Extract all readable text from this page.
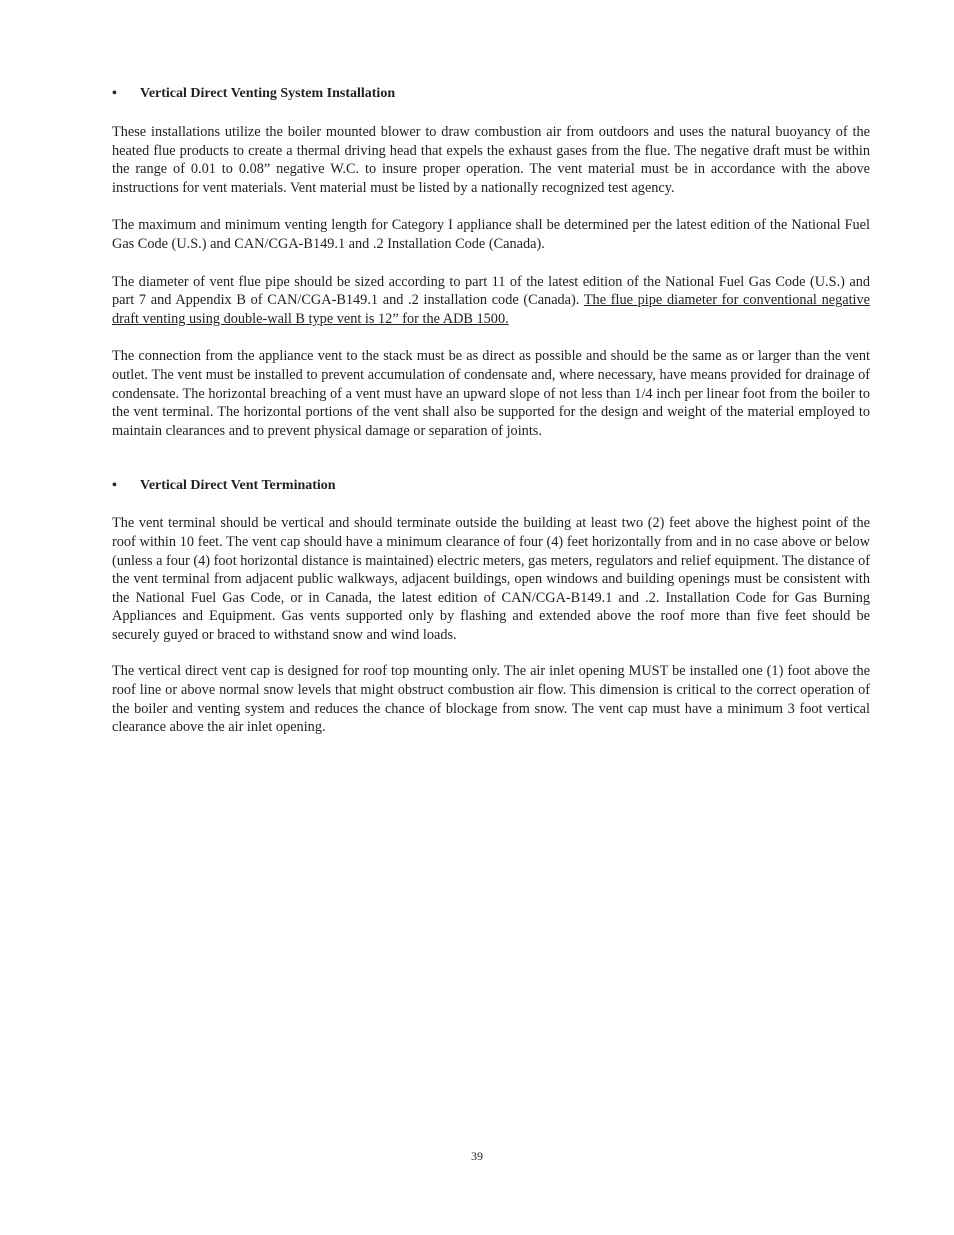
•	Vertical Direct Venting System Installation

These installations utilize the boiler mounted blower to draw combustion air from outdoors and uses the natural buoyancy of the heated flue products to create a thermal driving head that expels the exhaust gases from the flue. The negative draft must be within the range of 0.01 to 0.08” negative W.C. to insure proper operation. The vent material must be in accordance with the above instructions for vent materials. Vent material must be listed by a nationally recognized test agency.

The maximum and minimum venting length for Category I appliance shall be determined per the latest edition of the National Fuel Gas Code (U.S.) and CAN/CGA-B149.1 and .2 Installation Code (Canada).

The diameter of vent flue pipe should be sized according to part 11 of the latest edition of the National Fuel Gas Code (U.S.) and part 7 and Appendix B of CAN/CGA-B149.1 and .2 installation code (Canada). The flue pipe diameter for conventional negative draft venting using double-wall B type vent is 12” for the ADB 1500.

The connection from the appliance vent to the stack must be as direct as possible and should be the same as or larger than the vent outlet. The vent must be installed to prevent accumulation of condensate and, where necessary, have means provided for drainage of condensate. The horizontal breaching of a vent must have an upward slope of not less than 1/4 inch per linear foot from the boiler to the vent terminal. The horizontal portions of the vent shall also be supported for the design and weight of the material employed to maintain clearances and to prevent physical damage or separation of joints.

•	Vertical Direct Vent Termination

The vent terminal should be vertical and should terminate outside the building at least two (2) feet above the highest point of the roof within 10 feet. The vent cap should have a minimum clearance of four (4) feet horizontally from and in no case above or below (unless a four (4) foot horizontal distance is maintained) electric meters, gas meters, regulators and relief equipment. The distance of the vent terminal from adjacent public walkways, adjacent buildings, open windows and building openings must be consistent with the National Fuel Gas Code, or in Canada, the latest edition of CAN/CGA-B149.1 and .2. Installation Code for Gas Burning Appliances and Equipment. Gas vents supported only by flashing and extended above the roof more than five feet should be securely guyed or braced to withstand snow and wind loads.

The vertical direct vent cap is designed for roof top mounting only. The air inlet opening MUST be installed one (1) foot above the roof line or above normal snow levels that might obstruct combustion air flow. This dimension is critical to the correct operation of the boiler and venting system and reduces the chance of blockage from snow. The vent cap must have a minimum 3 foot vertical clearance above the air inlet opening.

39
